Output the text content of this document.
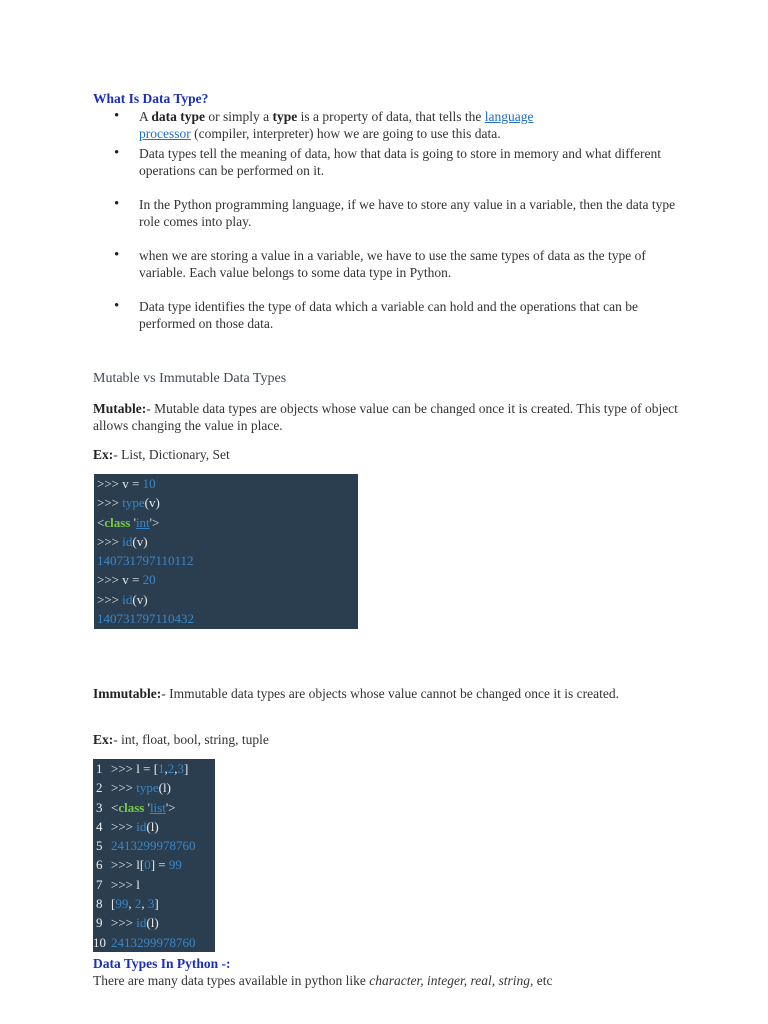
What Is Data Type?
• A data type or simply a type is a property of data, that tells the language
processor (compiler, interpreter) how we are going to use this data.
• Data types tell the meaning of data, how that data is going to store in memory and what different operations can be performed on it.
• In the Python programming language, if we have to store any value in a variable, then the data type role comes into play.
• when we are storing a value in a variable, we have to use the same types of data as the type of variable. Each value belongs to some data type in Python.
• Data type identifies the type of data which a variable can hold and the operations that can be performed on those data.
Mutable vs Immutable Data Types
Mutable:- Mutable data types are objects whose value can be changed once it is created. This type of object allows changing the value in place.
Ex:- List, Dictionary, Set
>>> v = 10
>>> type(v)
<class 'int'>
>>> id(v)
140731797110112
>>> v = 20
>>> id(v)
140731797110432
Immutable:- Immutable data types are objects whose value cannot be changed once it is created.
Ex:- int, float, bool, string, tuple
1 >>> l = [1,2,3]
2 >>> type(l)
3 <class 'list'>
4 >>> id(l)
5 2413299978760
6 >>> l[0] = 99
7 >>> l
8 [99, 2, 3]
9 >>> id(l)
10 2413299978760
Data Types In Python -:
There are many data types available in python like character, integer, real, string, etc
